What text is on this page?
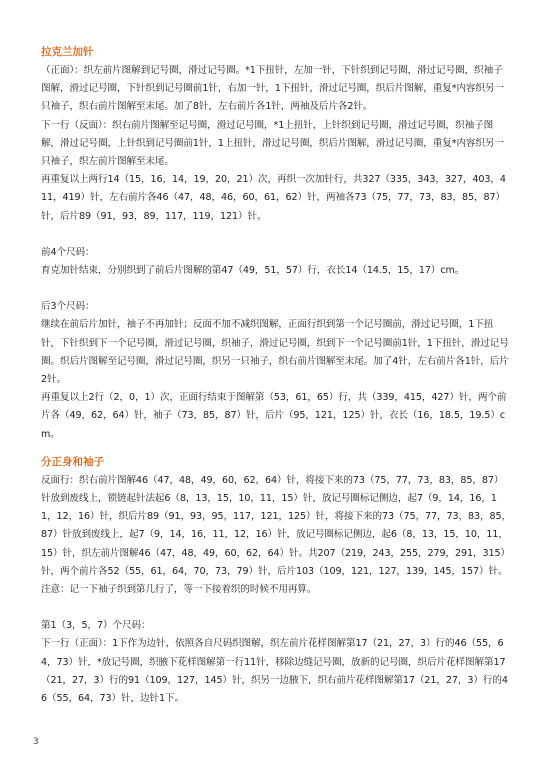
拉克兰加针

（正面）：织左前片图解到记号圈，滑过记号圈。*1下扭针，左加一针，下针织到记号圈，滑过记号圈，织袖子图解，滑过记号圈，下针织到记号圈前1针，右加一针，1下扭针，滑过记号圈，织后片图解，重复*内容织另一只袖子，织右前片图解至末尾。加了8针，左右前片各1针，两袖及后片各2针。

下一行（反面）：织右前片图解至记号圈，滑过记号圈，*1上扭针，上针织到记号圈，滑过记号圈，织袖子图解，滑过记号圈，上针织到记号圈前1针，1上扭针，滑过记号圈，织后片图解，滑过记号圈，重复*内容织另一只袖子，织左前片图解至末尾。

再重复以上两行14（15，16，14，19，20，21）次，再织一次加针行，共327（335，343，327，403，411，419）针，左右前片各46（47，48，46，60，61，62）针，两袖各73（75，77，73，83，85，87）针，后片89（91，93，89，117，119，121）针。

前4个尺码：

育克加针结束，分别织到了前后片图解的第47（49，51，57）行，衣长14（14.5，15，17）cm。

后3个尺码：

继续在前后片加针，袖子不再加针；反面不加不减织图解，正面行织到第一个记号圈前，滑过记号圈，1下扭针，下针织到下一个记号圈，滑过记号圈，织袖子，滑过记号圈，织到下一个记号圈前1针，1下扭针，滑过记号圈。织后片图解至记号圈，滑过记号圈，织另一只袖子，织右前片图解至末尾。加了4针，左右前片各1针，后片2针。

再重复以上2行（2，0，1）次，正面行结束于图解第（53，61，65）行，共（339，415，427）针，两个前片各（49，62，64）针，袖子（73，85，87）针，后片（95，121，125）针，衣长（16，18.5，19.5）cm。

分正身和袖子

反面行：织右前片图解46（47，48，49，60，62，64）针，将接下来的73（75，77，73，83，85，87）针放到废线上，锁链起针法起6（8，13，15，10，11，15）针，放记号圈标记侧边，起7（9，14，16，11，12，16）针，织后片89（91，93，95，117，121，125）针，将接下来的73（75，77，73，83，85，87）针放到废线上，起7（9，14，16，11，12，16）针，放记号圈标记侧边，起6（8，13，15，10，11，15）针，织左前片图解46（47，48，49，60，62，64）针。共207（219，243，255，279，291，315）针，两个前片各52（55，61，64，70，73，79）针，后片103（109，121，127，139，145，157）针。

注意：记一下袖子织到第几行了，等一下接着织的时候不用再算。

第1（3，5，7）个尺码：

下一行（正面）：1下作为边针，依照各自尺码织图解，织左前片花样图解第17（21，27，3）行的46（55，64，73）针，*放记号圈，织腋下花样图解第一行11针，移除边缝记号圈，放新的记号圈，织后片花样图解第17（21，27，3）行的91（109，127，145）针，织另一边腋下，织右前片花样图解第17（21，27，3）行的46（55，64，73）针，边针1下。

3
